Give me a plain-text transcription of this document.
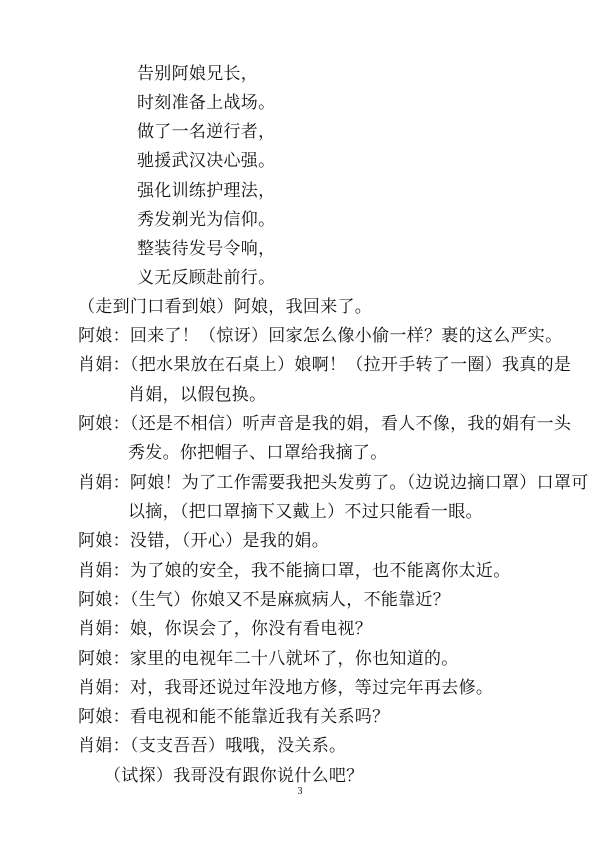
告别阿娘兄长，
时刻准备上战场。
做了一名逆行者，
驰援武汉决心强。
强化训练护理法，
秀发剃光为信仰。
整装待发号令响，
义无反顾赴前行。
（走到门口看到娘）阿娘，我回来了。
阿娘：回来了！（惊讶）回家怎么像小偷一样？裹的这么严实。
肖娟：（把水果放在石桌上）娘啊！（拉开手转了一圈）我真的是
肖娟，以假包换。
阿娘：（还是不相信）听声音是我的娟，看人不像，我的娟有一头
秀发。你把帽子、口罩给我摘了。
肖娟：阿娘！为了工作需要我把头发剪了。（边说边摘口罩）口罩可
以摘，（把口罩摘下又戴上）不过只能看一眼。
阿娘：没错，（开心）是我的娟。
肖娟：为了娘的安全，我不能摘口罩，也不能离你太近。
阿娘：（生气）你娘又不是麻疯病人，不能靠近？
肖娟：娘，你误会了，你没有看电视？
阿娘：家里的电视年二十八就坏了，你也知道的。
肖娟：对，我哥还说过年没地方修，等过完年再去修。
阿娘：看电视和能不能靠近我有关系吗？
肖娟：（支支吾吾）哦哦，没关系。
（试探）我哥没有跟你说什么吧？
3
